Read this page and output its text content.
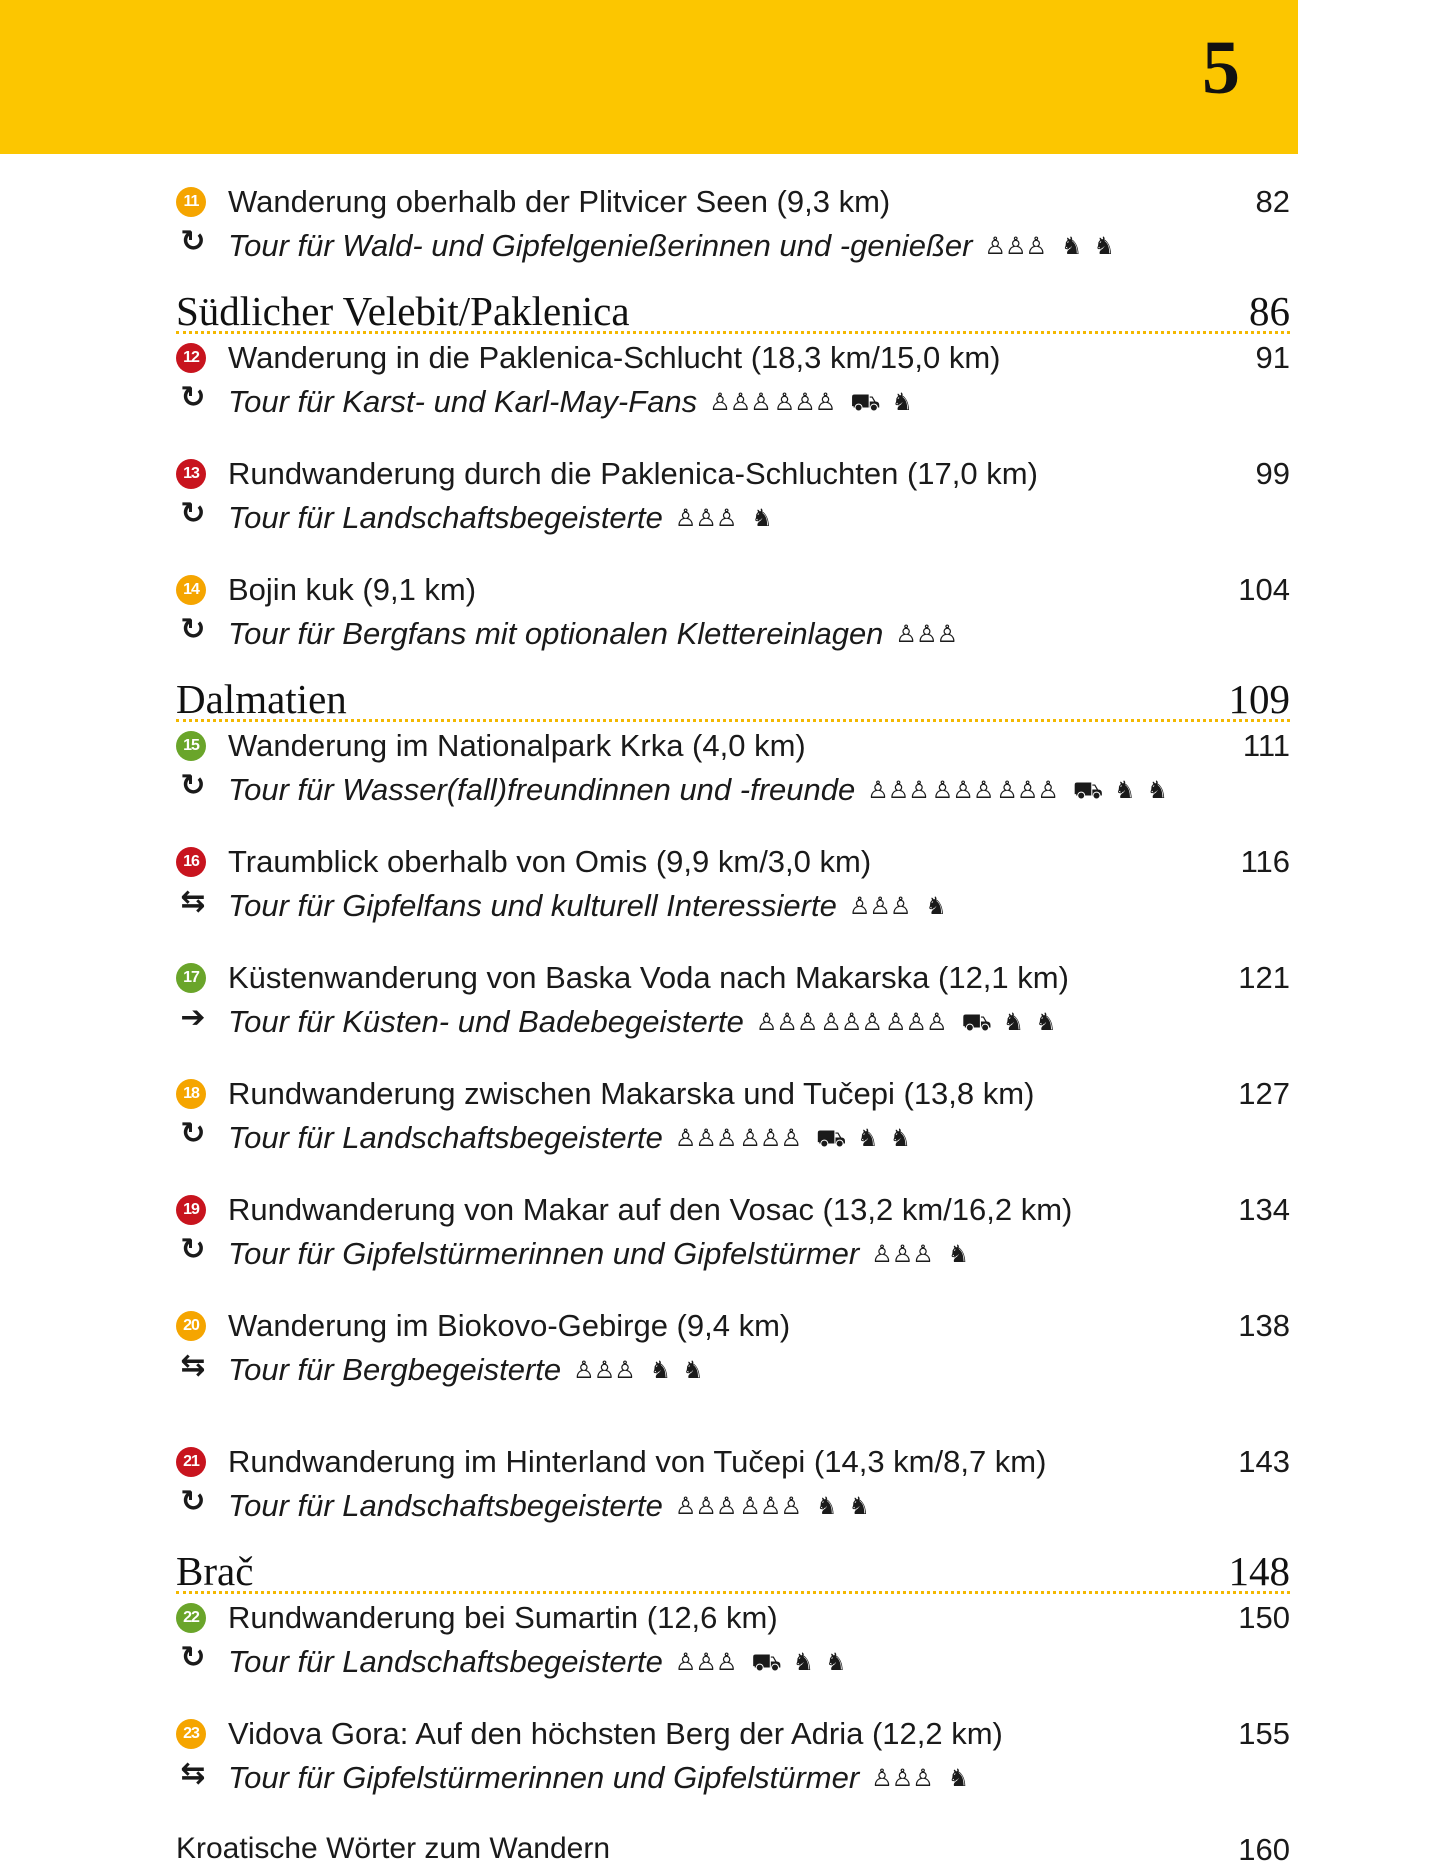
5
11 Wanderung oberhalb der Plitvicer Seen (9,3 km)	82
↻ Tour für Wald- und Gipfelgenießerinnen und -genießer ♙♙♙ ♞ ♞
Südlicher Velebit/Paklenica	86
12 Wanderung in die Paklenica-Schlucht (18,3 km/15,0 km)	91
↻ Tour für Karst- und Karl-May-Fans ♙♙♙ ♙♙♙ ⛟ ♞
13 Rundwanderung durch die Paklenica-Schluchten (17,0 km)	99
↻ Tour für Landschaftsbegeisterte ♙♙♙ ♞
14 Bojin kuk (9,1 km)	104
↻ Tour für Bergfans mit optionalen Klettereinlagen ♙♙♙
Dalmatien	109
15 Wanderung im Nationalpark Krka (4,0 km)	111
↻ Tour für Wasser(fall)freundinnen und -freunde ♙♙♙ ♙♙♙ ♙♙♙ ⛟ ♞ ♞
16 Traumblick oberhalb von Omis (9,9 km/3,0 km)	116
⇆ Tour für Gipfelfans und kulturell Interessierte ♙♙♙ ♞
17 Küstenwanderung von Baska Voda nach Makarska (12,1 km)	121
➔ Tour für Küsten- und Badebegeisterte ♙♙♙ ♙♙♙ ♙♙♙ ⛟ ♞ ♞
18 Rundwanderung zwischen Makarska und Tučepi (13,8 km)	127
↻ Tour für Landschaftsbegeisterte ♙♙♙ ♙♙♙ ⛟ ♞ ♞
19 Rundwanderung von Makar auf den Vosac (13,2 km/16,2 km)	134
↻ Tour für Gipfelstürmerinnen und Gipfelstürmer ♙♙♙ ♞
20 Wanderung im Biokovo-Gebirge (9,4 km)	138
⇆ Tour für Bergbegeisterte ♙♙♙ ♞ ♞
21 Rundwanderung im Hinterland von Tučepi (14,3 km/8,7 km)	143
↻ Tour für Landschaftsbegeisterte ♙♙♙ ♙♙♙ ♞ ♞
Brač	148
22 Rundwanderung bei Sumartin (12,6 km)	150
↻ Tour für Landschaftsbegeisterte ♙♙♙ ⛟ ♞ ♞
23 Vidova Gora: Auf den höchsten Berg der Adria (12,2 km)	155
⇆ Tour für Gipfelstürmerinnen und Gipfelstürmer ♙♙♙ ♞
Kroatische Wörter zum Wandern	160
